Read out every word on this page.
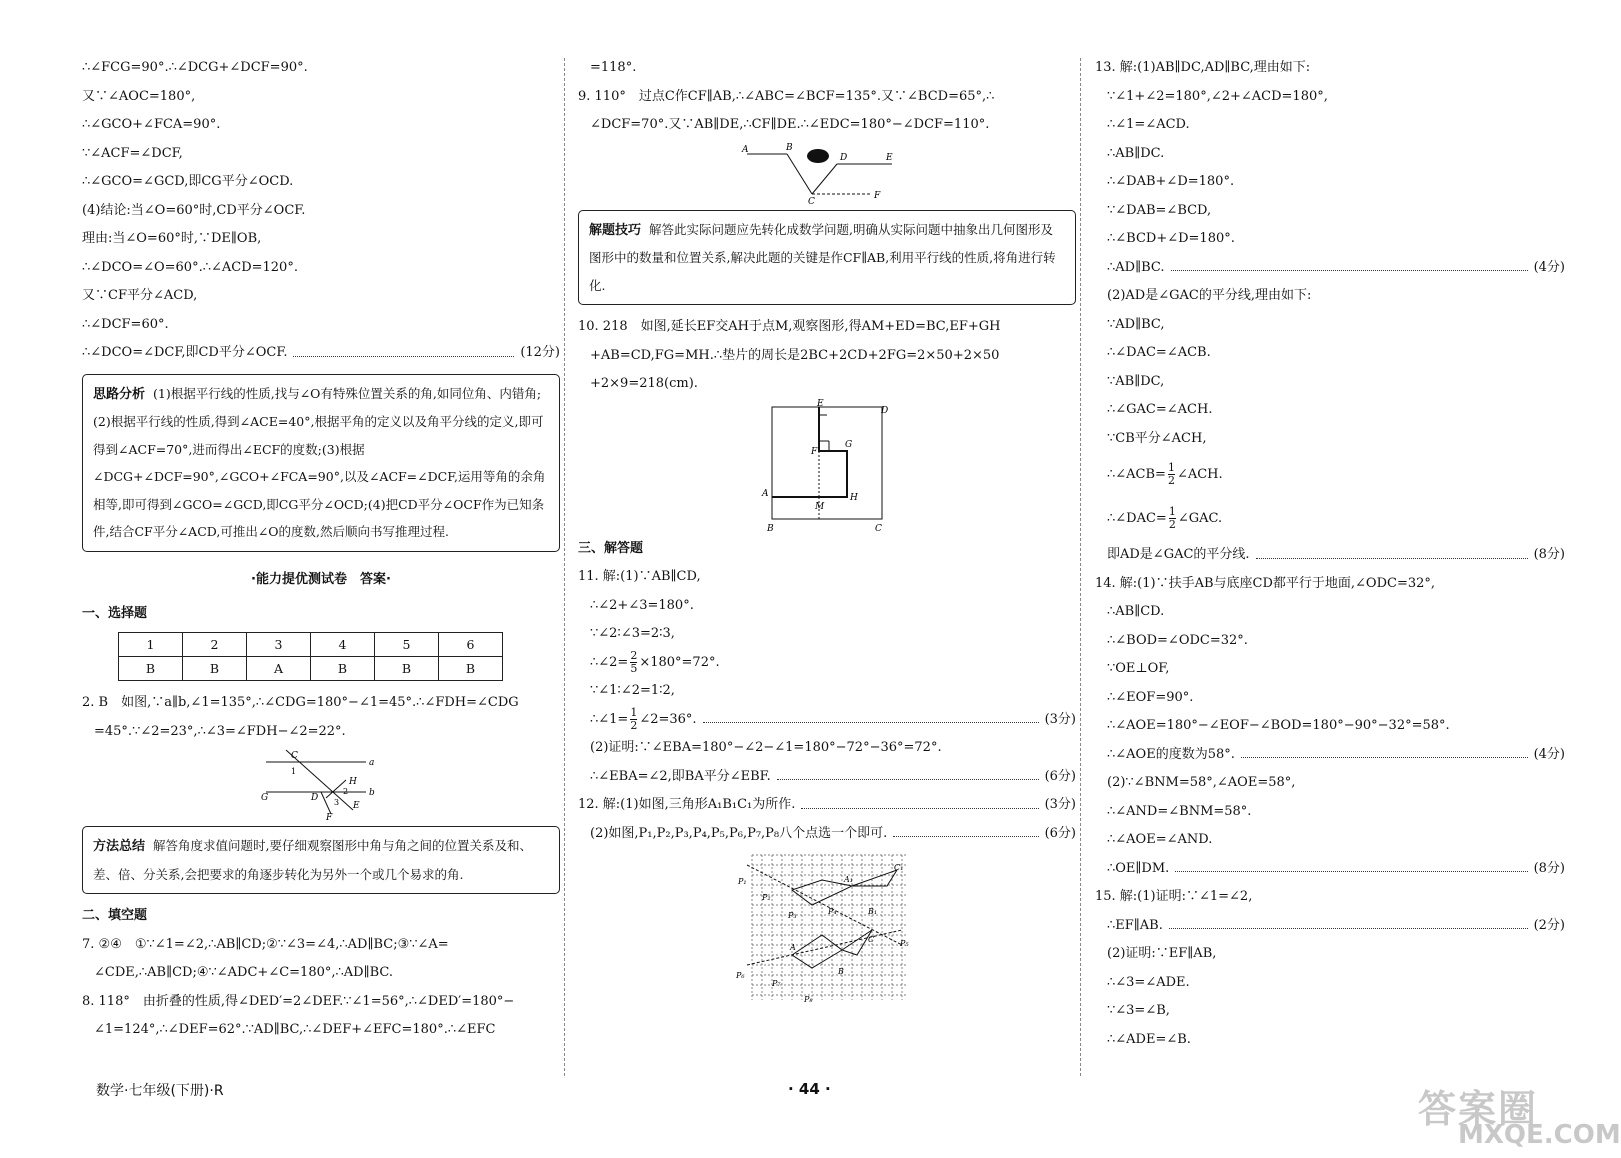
∴∠FCG=90°.∴∠DCG+∠DCF=90°.
又∵∠AOC=180°,
∴∠GCO+∠FCA=90°.
∵∠ACF=∠DCF,
∴∠GCO=∠GCD,即CG平分∠OCD.
(4)结论:当∠O=60°时,CD平分∠OCF.
理由:当∠O=60°时,∵DE∥OB,
∴∠DCO=∠O=60°.∴∠ACD=120°.
又∵CF平分∠ACD,
∴∠DCF=60°.
∴∠DCO=∠DCF,即CD平分∠OCF.	(12分)
思路分析 (1)根据平行线的性质,找与∠O有特殊位置关系的角,如同位角、内错角;(2)根据平行线的性质,得到∠ACE=40°,根据平角的定义以及角平分线的定义,即可得到∠ACF=70°,进而得出∠ECF的度数;(3)根据∠DCG+∠DCF=90°,∠GCO+∠FCA=90°,以及∠ACF=∠DCF,运用等角的余角相等,即可得到∠GCO=∠GCD,即CG平分∠OCD;(4)把CD平分∠OCF作为已知条件,结合CF平分∠ACD,可推出∠O的度数,然后顺向书写推理过程.
·能力提优测试卷　答案·
一、选择题
1	2	3	4	5	6
B	B	A	B	B	B
2. B　如图,∵a∥b,∠1=135°,∴∠CDG=180°−∠1=45°.∴∠FDH=∠CDG
=45°.∵∠2=23°,∴∠3=∠FDH−∠2=22°.
C
a
1
H
G	D
2 b
3 E
F
方法总结 解答角度求值问题时,要仔细观察图形中角与角之间的位置关系及和、差、倍、分关系,会把要求的角逐步转化为另外一个或几个易求的角.
二、填空题
7. ②④　①∵∠1=∠2,∴AB∥CD;②∵∠3=∠4,∴AD∥BC;③∵∠A=
∠CDE,∴AB∥CD;④∵∠ADC+∠C=180°,∴AD∥BC.
8. 118°　由折叠的性质,得∠DED′=2∠DEF.∵∠1=56°,∴∠DED′=180°−
∠1=124°,∴∠DEF=62°.∵AD∥BC,∴∠DEF+∠EFC=180°.∴∠EFC
=118°.
9. 110°　过点C作CF∥AB,∴∠ABC=∠BCF=135°.又∵∠BCD=65°,∴
∠DCF=70°.又∵AB∥DE,∴CF∥DE.∴∠EDC=180°−∠DCF=110°.
A	B
D	E
C
F
解题技巧 解答此实际问题应先转化成数学问题,明确从实际问题中抽象出几何图形及图形中的数量和位置关系,解决此题的关键是作CF∥AB,利用平行线的性质,将角进行转化.
10. 218　如图,延长EF交AH于点M,观察图形,得AM+ED=BC,EF+GH
+AB=CD,FG=MH.∴垫片的周长是2BC+2CD+2FG=2×50+2×50
+2×9=218(cm).
E
D
G
F
A
M
H
B	C
三、解答题
11. 解:(1)∵AB∥CD,
∴∠2+∠3=180°.
∵∠2∶∠3=2∶3,
∴∠2= $\frac{2}{5} \times 180^\circ=72^\circ$.
∵∠1∶∠2=1∶2,
∴∠1= $\frac{1}{2}$ ∠2=36°.	(3分)
(2)证明:∵∠EBA=180°−∠2−∠1=180°−72°−36°=72°.
∴∠EBA=∠2,即BA平分∠EBF.	(6分)
12. 解:(1)如图,三角形A₁B₁C₁为所作.	(3分)
(2)如图,P₁,P₂,P₃,P₄,P₅,P₆,P₇,P₈八个点选一个即可.	(6分)
P₁
P₂
P₃
A₁
B₁
C₁
P₄
P₅
C
A
P₆
P₇
B
P₈
13. 解:(1)AB∥DC,AD∥BC,理由如下:
∵∠1+∠2=180°,∠2+∠ACD=180°,
∴∠1=∠ACD.
∴AB∥DC.
∴∠DAB+∠D=180°.
∵∠DAB=∠BCD,
∴∠BCD+∠D=180°.
∴AD∥BC.	(4分)
(2)AD是∠GAC的平分线,理由如下:
∵AD∥BC,
∴∠DAC=∠ACB.
∵AB∥DC,
∴∠GAC=∠ACH.
∵CB平分∠ACH,
∴∠ACB= $\frac{1}{2}$ ∠ACH.
∴∠DAC= $\frac{1}{2}$ ∠GAC.
即AD是∠GAC的平分线.	(8分)
14. 解:(1)∵扶手AB与底座CD都平行于地面,∠ODC=32°,
∴AB∥CD.
∴∠BOD=∠ODC=32°.
∵OE⊥OF,
∴∠EOF=90°.
∴∠AOE=180°−∠EOF−∠BOD=180°−90°−32°=58°.
∴∠AOE的度数为58°.	(4分)
(2)∵∠BNM=58°,∠AOE=58°,
∴∠AND=∠BNM=58°.
∴∠AOE=∠AND.
∴OE∥DM.	(8分)
15. 解:(1)证明:∵∠1=∠2,
∴EF∥AB.	(2分)
(2)证明:∵EF∥AB,
∴∠3=∠ADE.
∵∠3=∠B,
∴∠ADE=∠B.
数学·七年级(下册)·R	· 44 ·	答案圈
MXQE.COM
